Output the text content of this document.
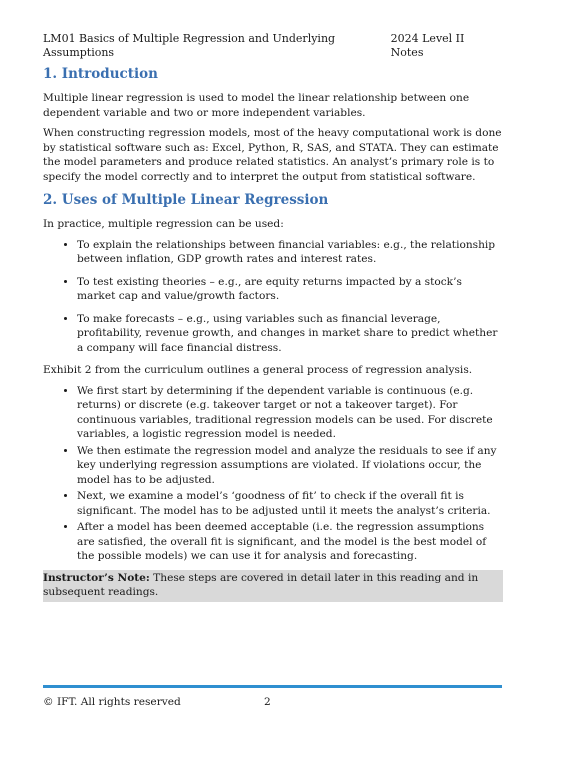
LM01 Basics of Multiple Regression and Underlying Assumptions
2024 Level II Notes
1. Introduction

Multiple linear regression is used to model the linear relationship between one dependent variable and two or more independent variables.

When constructing regression models, most of the heavy computational work is done by statistical software such as: Excel, Python, R, SAS, and STATA. They can estimate the model parameters and produce related statistics. An analyst’s primary role is to specify the model correctly and to interpret the output from statistical software.

2. Uses of Multiple Linear Regression

In practice, multiple regression can be used:

• To explain the relationships between financial variables: e.g., the relationship between inflation, GDP growth rates and interest rates.
• To test existing theories – e.g., are equity returns impacted by a stock’s market cap and value/growth factors.
• To make forecasts – e.g., using variables such as financial leverage, profitability, revenue growth, and changes in market share to predict whether a company will face financial distress.

Exhibit 2 from the curriculum outlines a general process of regression analysis.

• We first start by determining if the dependent variable is continuous (e.g. returns) or discrete (e.g. takeover target or not a takeover target). For continuous variables, traditional regression models can be used. For discrete variables, a logistic regression model is needed.
• We then estimate the regression model and analyze the residuals to see if any key underlying regression assumptions are violated. If violations occur, the model has to be adjusted.
• Next, we examine a model’s ‘goodness of fit’ to check if the overall fit is significant. The model has to be adjusted until it meets the analyst’s criteria.
• After a model has been deemed acceptable (i.e. the regression assumptions are satisfied, the overall fit is significant, and the model is the best model of the possible models) we can use it for analysis and forecasting.
Instructor’s Note: These steps are covered in detail later in this reading and in subsequent readings.
© IFT. All rights reserved	2
